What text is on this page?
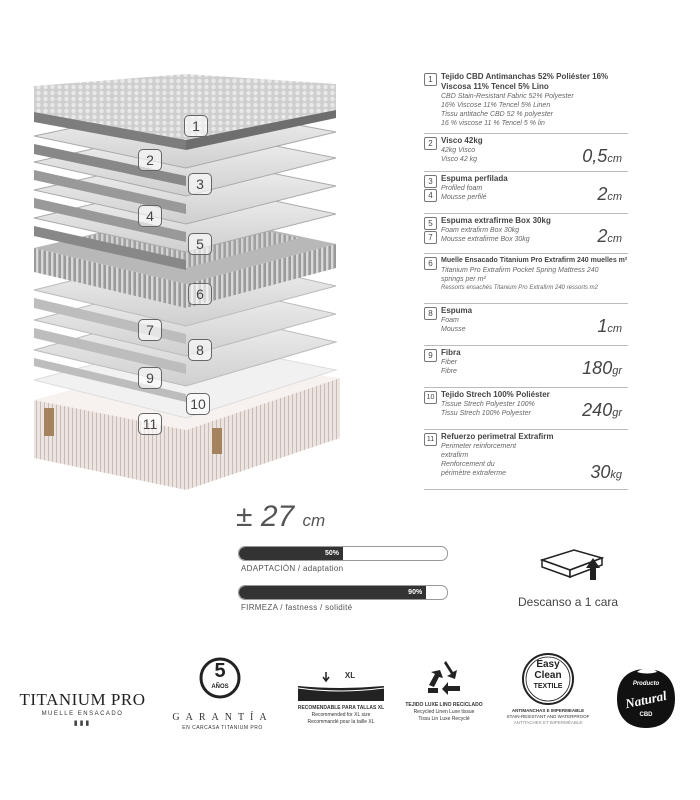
1
2
3
4
5
6
7
8
9
10
11
1	Tejido CBD Antimanchas 52% Poliéster 16% Viscosa 11% Tencel 5% Lino
CBD Stain-Resistant Fabric 52% Polyester
16% Viscose 11% Tencel 5% Linen
Tissu antitache CBD 52 % polyester
16 % viscose 11 % Tencel 5 % lin
2	Visco 42kg
42kg Visco
Visco 42 kg	0,5cm
3
4
Espuma perfilada
Profiled foam
Mousse perfilé	2cm
5
7
Espuma extrafirme Box 30kg
Foam extrafirm Box 30kg
Mousse extrafirme Box 30kg	2cm
6	Muelle Ensacado Titanium Pro Extrafirm 240 muelles m²
Titanium Pro Extrafirm Pocket Spring Mattress 240
springs per m²
Ressorts ensachés Titanium Pro Extrafirm 240 ressorts m2
8	Espuma
Foam
Mousse	1cm
9	Fibra
Fiber
Fibre	180gr
10 Tejido Strech 100% Poliéster
Tissue Strech Polyester 100%
Tissu Strech 100% Polyester	240gr
11 Refuerzo perimetral Extrafirm
Perimeter reinforcement
extrafirm
Renforcement du
périmètre extraferme	30kg
± 27 cm
50%
ADAPTACIÓN / adaptation
90%
FIRMEZA / fastness / solidité	Descanso a 1 cara
TITANIUM PRO
MUELLE ENSACADO
▮▮▮
5
AÑOS
GARANTÍA
EN CARCASA TITANIUM PRO
XL
RECOMENDABLE PARA TALLAS XL
Recommended for XL size
Recommandé pour la taille XL
TEJIDO LUXE LINO RECICLADO
Recycled Linen Luxe tissue
Tissu Lin Luxe Recyclé
Easy
Clean
TEXTILE
ANTIMANCHAS E IMPERMEABLE
STAIN-RESISTANT AND WATERPROOF
ANTITACHES ET IMPERMÉABLE
Producto
Natural
CBD
